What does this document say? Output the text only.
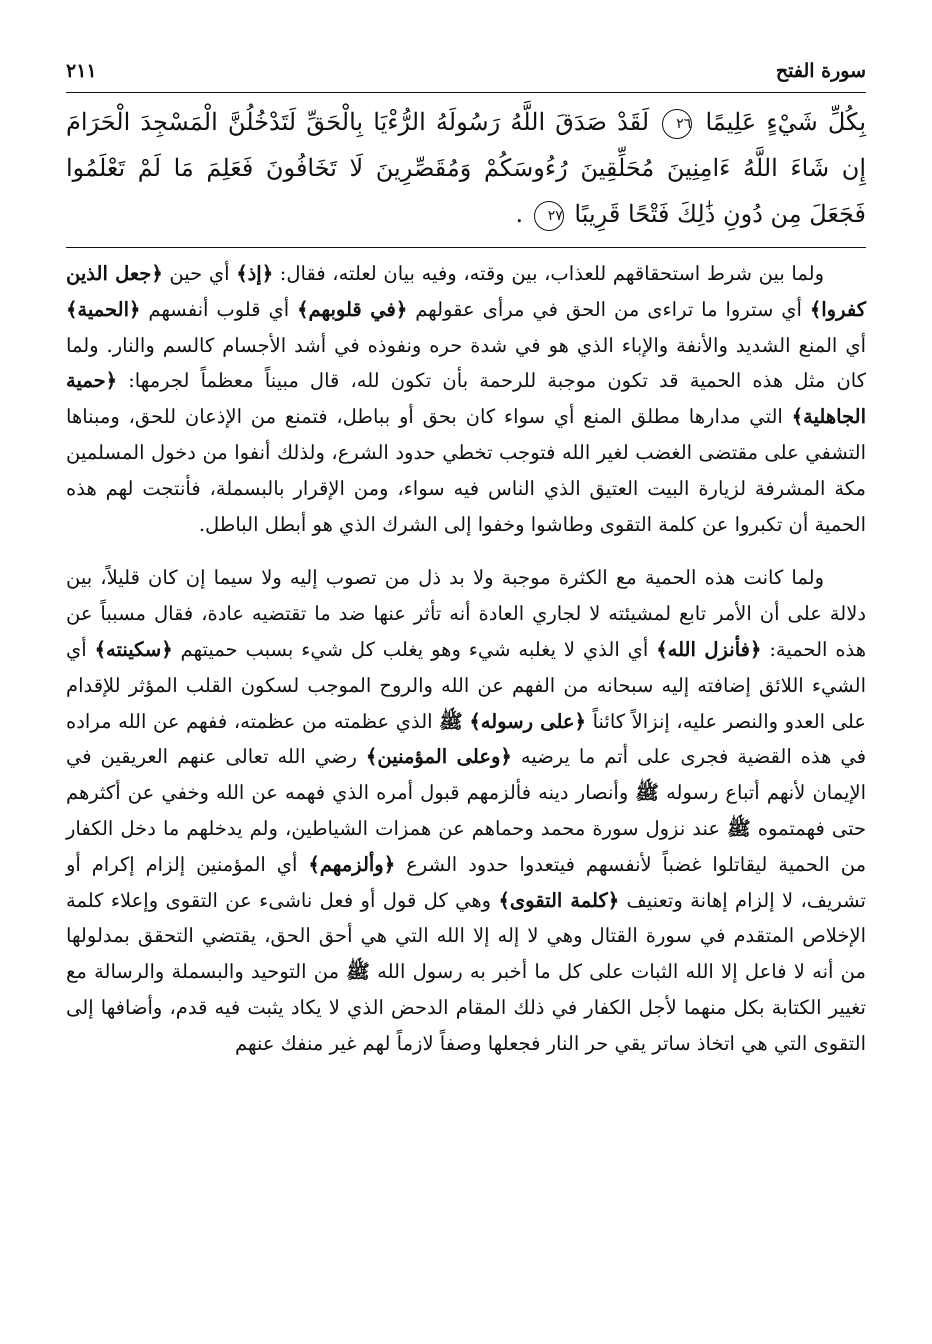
سورة الفتح
٢١١
بِكُلِّ شَيْءٍ عَلِيمًا ٢٦ لَقَدْ صَدَقَ اللَّهُ رَسُولَهُ الرُّءْيَا بِالْحَقِّ لَتَدْخُلُنَّ الْمَسْجِدَ الْحَرَامَ إِن شَاءَ اللَّهُ ءَامِنِينَ مُحَلِّقِينَ رُءُوسَكُمْ وَمُقَصِّرِينَ لَا تَخَافُونَ فَعَلِمَ مَا لَمْ تَعْلَمُوا فَجَعَلَ مِن دُونِ ذَٰلِكَ فَتْحًا قَرِيبًا ٢٧ .

ولما بين شرط استحقاقهم للعذاب، بين وقته، وفيه بيان لعلته، فقال: ﴿إذ﴾ أي حين ﴿جعل الذين كفروا﴾ أي ستروا ما تراءى من الحق في مرأى عقولهم ﴿في قلوبهم﴾ أي قلوب أنفسهم ﴿الحمية﴾ أي المنع الشديد والأنفة والإباء الذي هو في شدة حره ونفوذه في أشد الأجسام كالسم والنار. ولما كان مثل هذه الحمية قد تكون موجبة للرحمة بأن تكون لله، قال مبيناً معظماً لجرمها: ﴿حمية الجاهلية﴾ التي مدارها مطلق المنع أي سواء كان بحق أو بباطل، فتمنع من الإذعان للحق، ومبناها التشفي على مقتضى الغضب لغير الله فتوجب تخطي حدود الشرع، ولذلك أنفوا من دخول المسلمين مكة المشرفة لزيارة البيت العتيق الذي الناس فيه سواء، ومن الإقرار بالبسملة، فأنتجت لهم هذه الحمية أن تكبروا عن كلمة التقوى وطاشوا وخفوا إلى الشرك الذي هو أبطل الباطل.

ولما كانت هذه الحمية مع الكثرة موجبة ولا بد ذل من تصوب إليه ولا سيما إن كان قليلاً، بين دلالة على أن الأمر تابع لمشيئته لا لجاري العادة أنه تأثر عنها ضد ما تقتضيه عادة، فقال مسبباً عن هذه الحمية: ﴿فأنزل الله﴾ أي الذي لا يغلبه شيء وهو يغلب كل شيء بسبب حميتهم ﴿سكينته﴾ أي الشيء اللائق إضافته إليه سبحانه من الفهم عن الله والروح الموجب لسكون القلب المؤثر للإقدام على العدو والنصر عليه، إنزالاً كائناً ﴿على رسوله﴾ ﷺ الذي عظمته من عظمته، ففهم عن الله مراده في هذه القضية فجرى على أتم ما يرضيه ﴿وعلى المؤمنين﴾ رضي الله تعالى عنهم العريقين في الإيمان لأنهم أتباع رسوله ﷺ وأنصار دينه فألزمهم قبول أمره الذي فهمه عن الله وخفي عن أكثرهم حتى فهمتموه ﷺ عند نزول سورة محمد وحماهم عن همزات الشياطين، ولم يدخلهم ما دخل الكفار من الحمية ليقاتلوا غضباً لأنفسهم فيتعدوا حدود الشرع ﴿وألزمهم﴾ أي المؤمنين إلزام إكرام أو تشريف، لا إلزام إهانة وتعنيف ﴿كلمة التقوى﴾ وهي كل قول أو فعل ناشىء عن التقوى وإعلاء كلمة الإخلاص المتقدم في سورة القتال وهي لا إله إلا الله التي هي أحق الحق، يقتضي التحقق بمدلولها من أنه لا فاعل إلا الله الثبات على كل ما أخبر به رسول الله ﷺ من التوحيد والبسملة والرسالة مع تغيير الكتابة بكل منهما لأجل الكفار في ذلك المقام الدحض الذي لا يكاد يثبت فيه قدم، وأضافها إلى التقوى التي هي اتخاذ ساتر يقي حر النار فجعلها وصفاً لازماً لهم غير منفك عنهم
